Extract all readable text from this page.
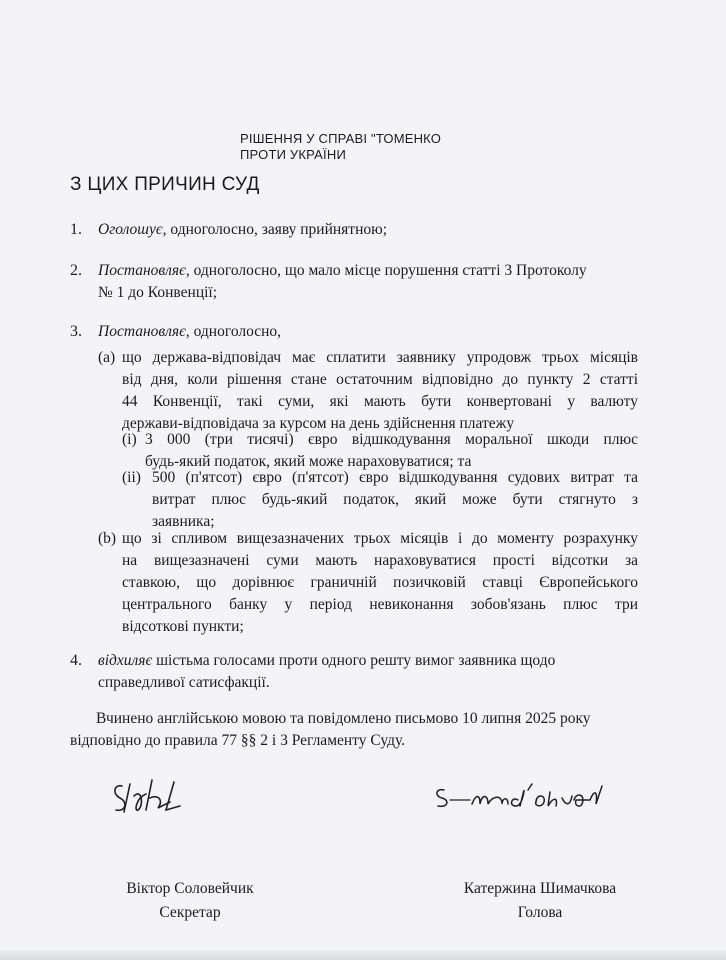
РІШЕННЯ У СПРАВІ "ТОМЕНКО
ПРОТИ УКРАЇНИ
З ЦИХ ПРИЧИН СУД
1. Оголошує, одноголосно, заяву прийнятною;
2. Постановляє, одноголосно, що мало місце порушення статті 3 Протоколу
№ 1 до Конвенції;
3. Постановляє, одноголосно,
(a) що держава-відповідач має сплатити заявнику упродовж трьох місяців
від дня, коли рішення стане остаточним відповідно до пункту 2 статті
44 Конвенції, такі суми, які мають бути конвертовані у валюту
держави-відповідача за курсом на день здійснення платежу
(i) 3 000 (три тисячі) євро відшкодування моральної шкоди плюс
будь-який податок, який може нараховуватися; та
(ii) 500 (п'ятсот) євро (п'ятсот) євро відшкодування судових витрат та
витрат плюс будь-який податок, який може бути стягнуто з
заявника;
(b) що зі спливом вищезазначених трьох місяців і до моменту розрахунку
на вищезазначені суми мають нараховуватися прості відсотки за
ставкою, що дорівнює граничній позичковій ставці Європейського
центрального банку у період невиконання зобов'язань плюс три
відсоткові пункти;
4. відхиляє шістьма голосами проти одного решту вимог заявника щодо
справедливої сатисфакції.
Вчинено англійською мовою та повідомлено письмово 10 липня 2025 року
відповідно до правила 77 §§ 2 і 3 Регламенту Суду.
Šimáčková
Віктор Соловейчик
Секретар
Катержина Шимачкова
Голова
